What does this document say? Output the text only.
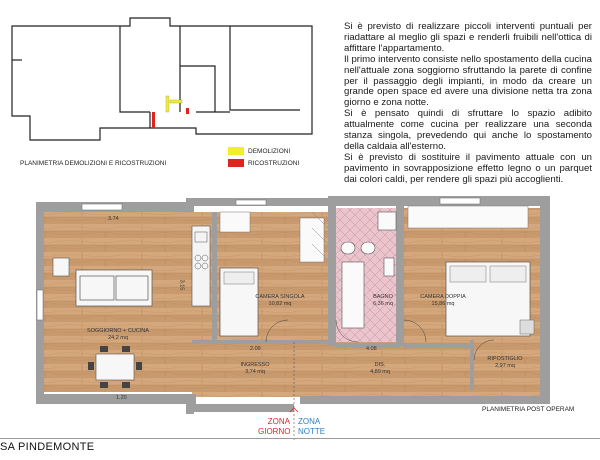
PLANIMETRIA DEMOLIZIONI E RICOSTRUZIONI
DEMOLIZIONI
RICOSTRUZIONI

Si è previsto di realizzare piccoli interventi puntuali per riadattare al meglio gli spazi e renderli fruibili nell'ottica di affittare l'appartamento.

Il primo intervento consiste nello spostamento della cucina nell'attuale zona soggiorno sfruttando la parete di confine per il passaggio degli impianti, in modo da creare un grande open space ed avere una divisione netta tra zona giorno e zona notte.

Si è pensato quindi di sfruttare lo spazio adibito attualmente come cucina per realizzare una seconda stanza singola, prevedendo qui anche lo spostamento della caldaia all'esterno.

Si è previsto di sostituire il pavimento attuale con un pavimento in sovrapposizione effetto legno o un parquet dai colori caldi, per rendere gli spazi più accoglienti.

SOGGIORNO + CUCINA
24,2 mq
CAMERA SINGOLA
10,82 mq
BAGNO
6,36 mq
CAMERA DOPPIA
15,86 mq
INGRESSO
3,74 mq
DIS.
4,89 mq
RIPOSTIGLIO
2,97 mq
3.74
3.15
1.20
2.09	4.08
ZONA
GIORNO
ZONA
NOTTE
PLANIMETRIA POST OPERAM
SA PINDEMONTE
